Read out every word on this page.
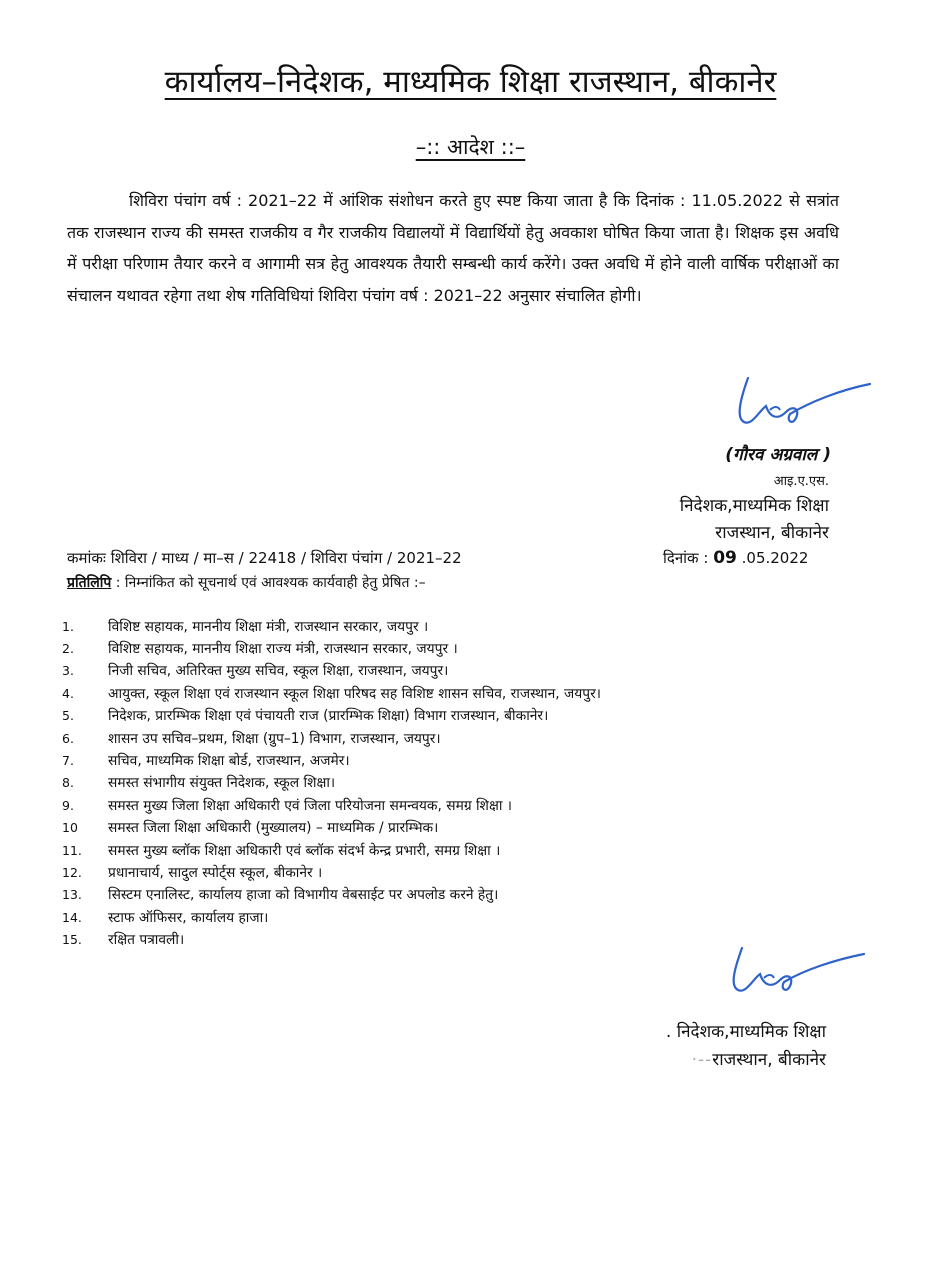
कार्यालय–निदेशक, माध्यमिक शिक्षा राजस्थान, बीकानेर
–:: आदेश ::–
शिविरा पंचांग वर्ष : 2021–22 में आंशिक संशोधन करते हुए स्पष्ट किया जाता है कि दिनांक : 11.05.2022 से सत्रांत तक राजस्थान राज्य की समस्त राजकीय व गैर राजकीय विद्यालयों में विद्यार्थियों हेतु अवकाश घोषित किया जाता है। शिक्षक इस अवधि में परीक्षा परिणाम तैयार करने व आगामी सत्र हेतु आवश्यक तैयारी सम्बन्धी कार्य करेंगे। उक्त अवधि में होने वाली वार्षिक परीक्षाओं का संचालन यथावत रहेगा तथा शेष गतिविधियां शिविरा पंचांग वर्ष : 2021–22 अनुसार संचालित होगी।
(गौरव अग्रवाल )
आइ.ए.एस.
निदेशक,माध्यमिक शिक्षा
राजस्थान, बीकानेर
कमांकः शिविरा / माध्य / मा–स / 22418 / शिविरा पंचांग / 2021–22	दिनांक : 09 .05.2022
प्रतिलिपि : निम्नांकित को सूचनार्थ एवं आवश्यक कार्यवाही हेतु प्रेषित :–
1.	विशिष्ट सहायक, माननीय शिक्षा मंत्री, राजस्थान सरकार, जयपुर ।
2.	विशिष्ट सहायक, माननीय शिक्षा राज्य मंत्री, राजस्थान सरकार, जयपुर ।
3.	निजी सचिव, अतिरिक्त मुख्य सचिव, स्कूल शिक्षा, राजस्थान, जयपुर।
4.	आयुक्त, स्कूल शिक्षा एवं राजस्थान स्कूल शिक्षा परिषद सह विशिष्ट शासन सचिव, राजस्थान, जयपुर।
5.	निदेशक, प्रारम्भिक शिक्षा एवं पंचायती राज (प्रारम्भिक शिक्षा) विभाग राजस्थान, बीकानेर।
6.	शासन उप सचिव–प्रथम, शिक्षा (ग्रुप–1) विभाग, राजस्थान, जयपुर।
7.	सचिव, माध्यमिक शिक्षा बोर्ड, राजस्थान, अजमेर।
8.	समस्त संभागीय संयुक्त निदेशक, स्कूल शिक्षा।
9.	समस्त मुख्य जिला शिक्षा अधिकारी एवं जिला परियोजना समन्वयक, समग्र शिक्षा ।
10	समस्त जिला शिक्षा अधिकारी (मुख्यालय) – माध्यमिक / प्रारम्भिक।
11.	समस्त मुख्य ब्लॉक शिक्षा अधिकारी एवं ब्लॉक संदर्भ केन्द्र प्रभारी, समग्र शिक्षा ।
12.	प्रधानाचार्य, सादुल स्पोर्ट्स स्कूल, बीकानेर ।
13.	सिस्टम एनालिस्ट, कार्यालय हाजा को विभागीय वेबसाईट पर अपलोड करने हेतु।
14.	स्टाफ ऑफिसर, कार्यालय हाजा।
15.	रक्षित पत्रावली।
. निदेशक,माध्यमिक शिक्षा
·‑‑राजस्थान, बीकानेर
